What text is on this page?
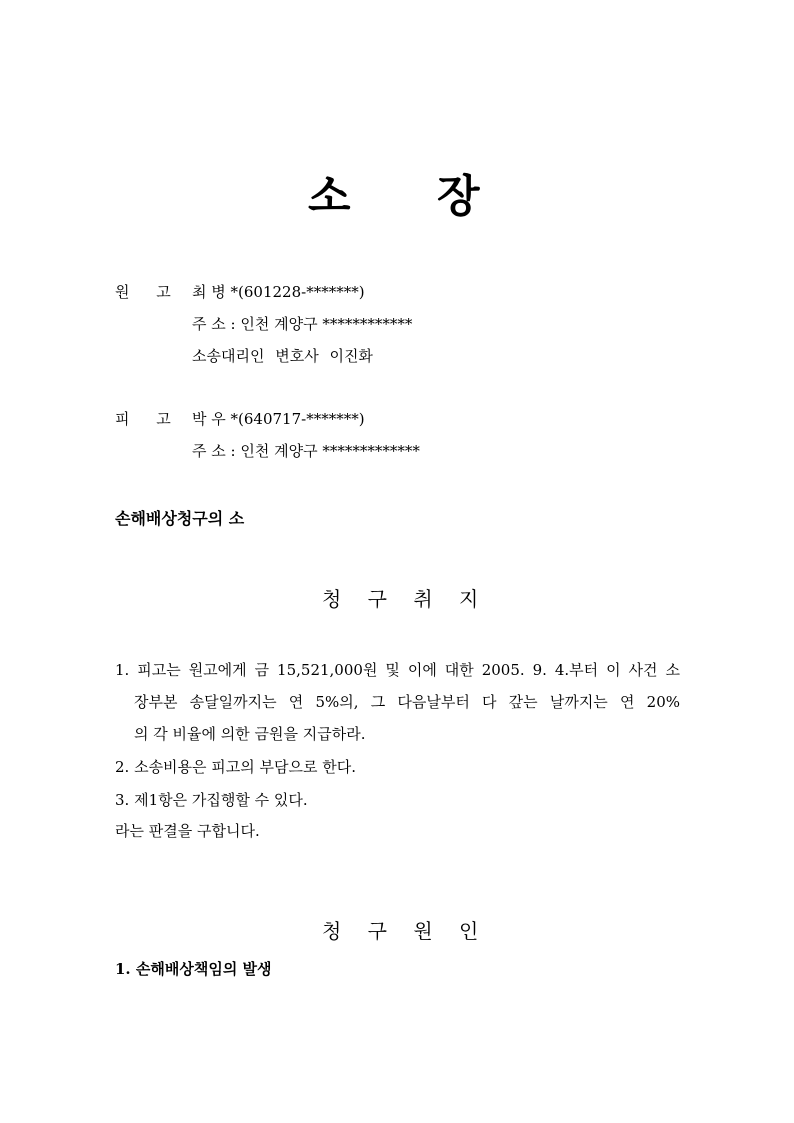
소 장
원 고 최 병 *(601228-*******)
주 소 : 인천 계양구 ************
소송대리인 변호사 이진화
피 고 박 우 *(640717-*******)
주 소 : 인천 계양구 *************
손해배상청구의 소
청 구 취 지
1. 피고는 원고에게 금 15,521,000원 및 이에 대한 2005. 9. 4.부터 이 사건 소
장부본 송달일까지는 연 5%의, 그 다음날부터 다 갚는 날까지는 연 20%
의 각 비율에 의한 금원을 지급하라.
2. 소송비용은 피고의 부담으로 한다.
3. 제1항은 가집행할 수 있다.
라는 판결을 구합니다.
청 구 원 인
1. 손해배상책임의 발생
